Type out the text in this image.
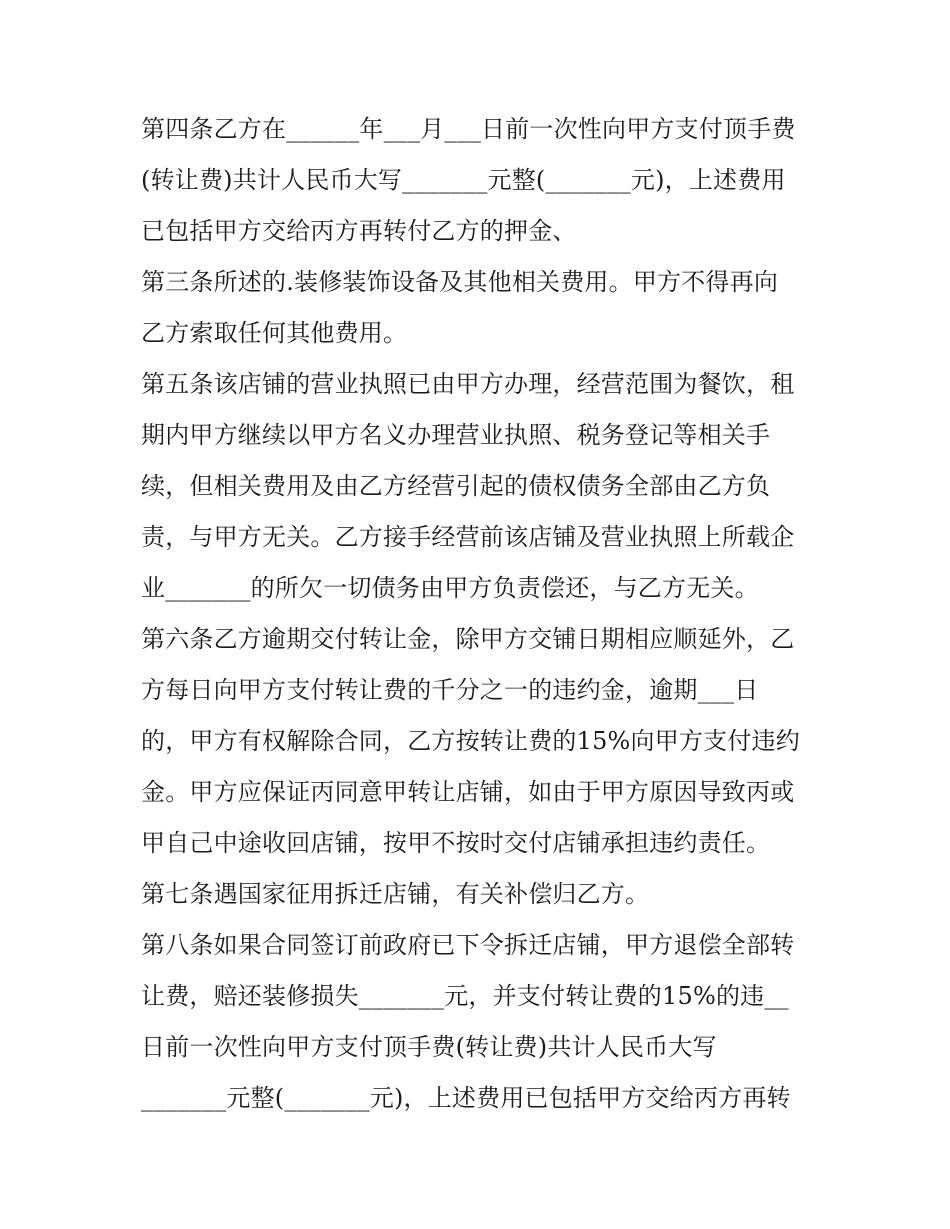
第四条乙方在______年___月___日前一次性向甲方支付顶手费
(转让费)共计人民币大写_______元整(_______元)，上述费用
已包括甲方交给丙方再转付乙方的押金、
第三条所述的.装修装饰设备及其他相关费用。甲方不得再向
乙方索取任何其他费用。
第五条该店铺的营业执照已由甲方办理，经营范围为餐饮，租
期内甲方继续以甲方名义办理营业执照、税务登记等相关手
续，但相关费用及由乙方经营引起的债权债务全部由乙方负
责，与甲方无关。乙方接手经营前该店铺及营业执照上所载企
业_______的所欠一切债务由甲方负责偿还，与乙方无关。
第六条乙方逾期交付转让金，除甲方交铺日期相应顺延外，乙
方每日向甲方支付转让费的千分之一的违约金，逾期___日
的，甲方有权解除合同，乙方按转让费的15%向甲方支付违约
金。甲方应保证丙同意甲转让店铺，如由于甲方原因导致丙或
甲自己中途收回店铺，按甲不按时交付店铺承担违约责任。
第七条遇国家征用拆迁店铺，有关补偿归乙方。
第八条如果合同签订前政府已下令拆迁店铺，甲方退偿全部转
让费，赔还装修损失_______元，并支付转让费的15%的违__
日前一次性向甲方支付顶手费(转让费)共计人民币大写
_______元整(_______元)，上述费用已包括甲方交给丙方再转
